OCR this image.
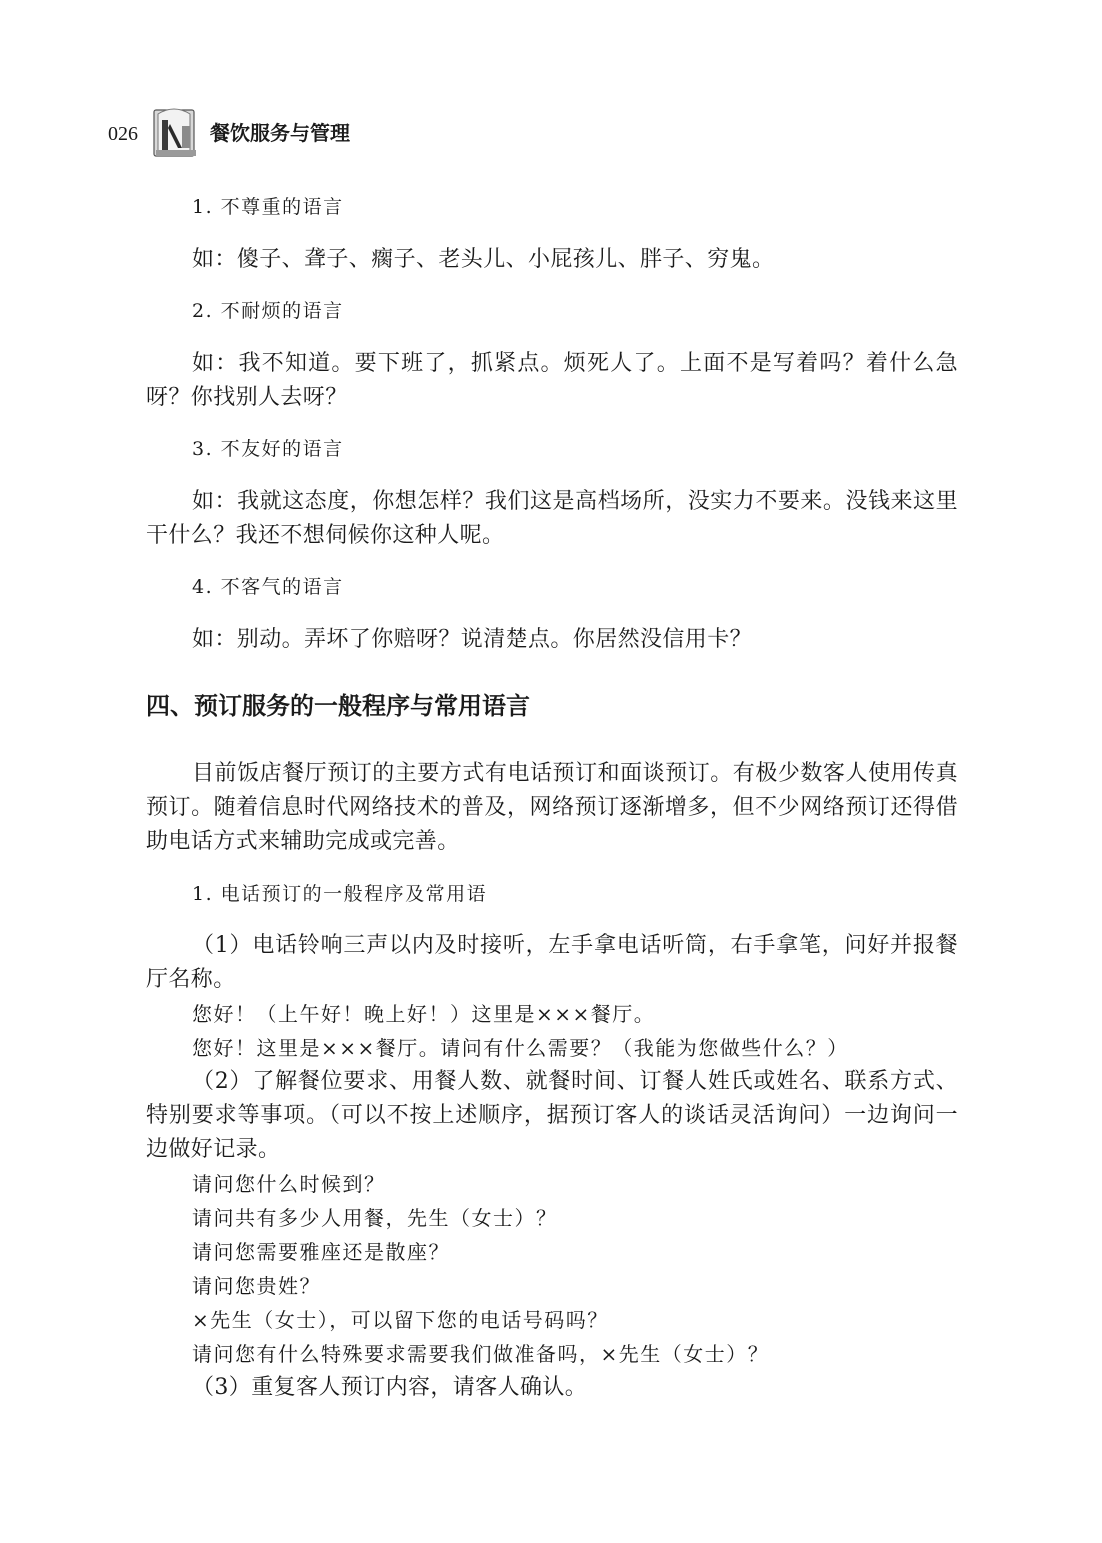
026	餐饮服务与管理

1. 不尊重的语言

如：傻子、聋子、瘸子、老头儿、小屁孩儿、胖子、穷鬼。

2. 不耐烦的语言

如：我不知道。要下班了，抓紧点。烦死人了。上面不是写着吗？着什么急呀？你找别人去呀？

3. 不友好的语言

如：我就这态度，你想怎样？我们这是高档场所，没实力不要来。没钱来这里干什么？我还不想伺候你这种人呢。

4. 不客气的语言

如：别动。弄坏了你赔呀？说清楚点。你居然没信用卡？

四、预订服务的一般程序与常用语言

目前饭店餐厅预订的主要方式有电话预订和面谈预订。有极少数客人使用传真预订。随着信息时代网络技术的普及，网络预订逐渐增多，但不少网络预订还得借助电话方式来辅助完成或完善。

1. 电话预订的一般程序及常用语

（1）电话铃响三声以内及时接听，左手拿电话听筒，右手拿笔，问好并报餐厅名称。

您好！（上午好！晚上好！）这里是×××餐厅。

您好！这里是×××餐厅。请问有什么需要？（我能为您做些什么？）

（2）了解餐位要求、用餐人数、就餐时间、订餐人姓氏或姓名、联系方式、特别要求等事项。（可以不按上述顺序，据预订客人的谈话灵活询问）一边询问一边做好记录。

请问您什么时候到？

请问共有多少人用餐，先生（女士）？

请问您需要雅座还是散座？

请问您贵姓？

×先生（女士），可以留下您的电话号码吗？

请问您有什么特殊要求需要我们做准备吗，×先生（女士）？

（3）重复客人预订内容，请客人确认。
